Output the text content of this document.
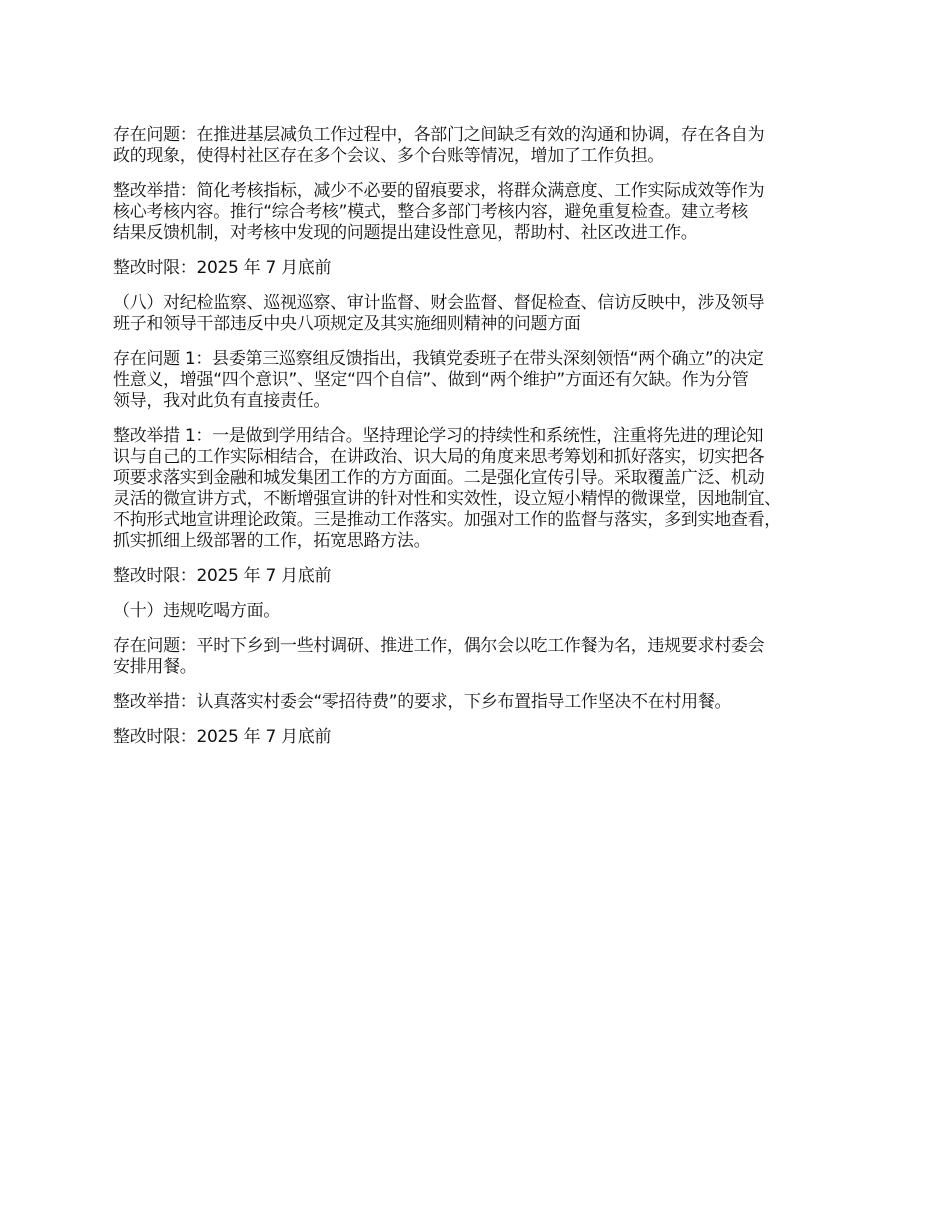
存在问题：在推进基层减负工作过程中，各部门之间缺乏有效的沟通和协调，存在各自为
政的现象，使得村社区存在多个会议、多个台账等情况，增加了工作负担。

整改举措：简化考核指标，减少不必要的留痕要求，将群众满意度、工作实际成效等作为
核心考核内容。推行“综合考核”模式，整合多部门考核内容，避免重复检查。建立考核
结果反馈机制，对考核中发现的问题提出建设性意见，帮助村、社区改进工作。

整改时限：2025 年 7 月底前

（八）对纪检监察、巡视巡察、审计监督、财会监督、督促检查、信访反映中，涉及领导
班子和领导干部违反中央八项规定及其实施细则精神的问题方面

存在问题 1：县委第三巡察组反馈指出，我镇党委班子在带头深刻领悟“两个确立”的决定
性意义，增强“四个意识”、坚定“四个自信”、做到“两个维护”方面还有欠缺。作为分管
领导，我对此负有直接责任。

整改举措 1：一是做到学用结合。坚持理论学习的持续性和系统性，注重将先进的理论知
识与自己的工作实际相结合，在讲政治、识大局的角度来思考筹划和抓好落实，切实把各
项要求落实到金融和城发集团工作的方方面面。二是强化宣传引导。采取覆盖广泛、机动
灵活的微宣讲方式，不断增强宣讲的针对性和实效性，设立短小精悍的微课堂，因地制宜、
不拘形式地宣讲理论政策。三是推动工作落实。加强对工作的监督与落实，多到实地查看，
抓实抓细上级部署的工作，拓宽思路方法。

整改时限：2025 年 7 月底前

（十）违规吃喝方面。

存在问题：平时下乡到一些村调研、推进工作，偶尔会以吃工作餐为名，违规要求村委会
安排用餐。

整改举措：认真落实村委会“零招待费”的要求，下乡布置指导工作坚决不在村用餐。

整改时限：2025 年 7 月底前
